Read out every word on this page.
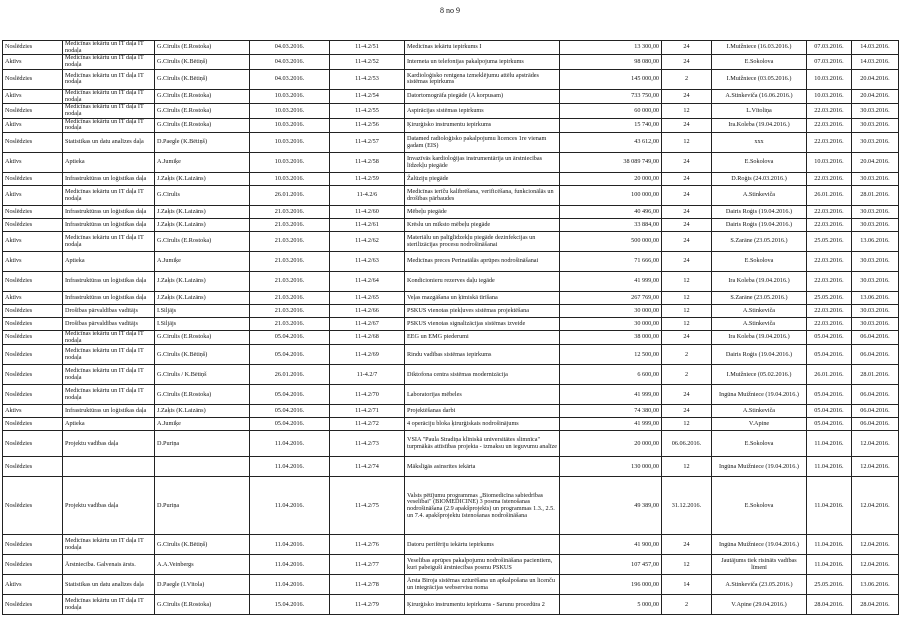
8 no 9
Noslēdzies	Medicīnas iekārtu un IT daļa IT nodaļa	G.Cīrulis (E.Rostoka)	04.03.2016.	11-4.2/51	Medicīnas iekārtu iepirkums I	13 300,00	24	I.Muižniece (16.03.2016.)	07.03.2016.	14.03.2016.
Aktīvs	Medicīnas iekārtu un IT daļa IT nodaļa	G.Cīrulis (K.Bētiņš)	04.03.2016.	11-4.2/52	Interneta un telefonijas pakalpojuma iepirkums	98 080,00	24	E.Sokolova	07.03.2016.	14.03.2016.
Noslēdzies	Medicīnas iekārtu un IT daļa IT nodaļa	G.Cīrulis (K.Bētiņš)	04.03.2016.	11-4.2/53	Kardioloģisko rentgena izmeklējumu attēlu apstrādes sistēmas iepirkums	145 000,00	2	I.Muižniece (03.05.2016.)	10.03.2016.	20.04.2016.
Aktīvs	Medicīnas iekārtu un IT daļa IT nodaļa	G.Cīrulis (E.Rostoka)	10.03.2016.	11-4.2/54	Datortomogrāfa piegāde (A korpusam)	733 750,00	24	A.Stinkeviča (16.06.2016.)	10.03.2016.	20.04.2016.
Noslēdzies	Medicīnas iekārtu un IT daļa IT nodaļa	G.Cīrulis (E.Rostoka)	10.03.2016.	11-4.2/55	Aspirācijas sistēmas iepirkums	60 000,00	12	L.Vītoliņa	22.03.2016.	30.03.2016.
Aktīvs	Medicīnas iekārtu un IT daļa IT nodaļa	G.Cīrulis (E.Rostoka)	10.03.2016.	11-4.2/56	Ķirurģisko instrumentu iepirkums	15 740,00	24	Ira.Koleba (19.04.2016.)	22.03.2016.	30.03.2016.
Noslēdzies	Statistikas un datu analīzes daļa	D.Paegle (K.Bētiņš)	10.03.2016.	11-4.2/57	Datamed radioloģisko pakalpojumu licences 1re vienam gadam (EIS)	43 612,00	12	xxx	22.03.2016.	30.03.2016.
Aktīvs	Aptieka	A.Jumiķe	10.03.2016.	11-4.2/58	Invazīvās kardioloģijas instrumentārija un ārstniecības līdzekļu piegāde	38 089 749,00	24	E.Sokolova	10.03.2016.	20.04.2016.
Noslēdzies	Infrastruktūras un loģistikas daļa	J.Zaķis (K.Laizāns)	10.03.2016.	11-4.2/59	Žalūziju piegāde	20 000,00	24	D.Roģis (24.03.2016.)	22.03.2016.	30.03.2016.
Aktīvs	Medicīnas iekārtu un IT daļa IT nodaļa	G.Cīrulis	26.01.2016.	11-4.2/6	Medicīnas ierīču kalibrēšana, verificēšana, funkcionālās un drošības pārbaudes	100 000,00	24	A.Stinkeviča	26.01.2016.	28.01.2016.
Noslēdzies	Infrastruktūras un loģistikas daļa	J.Zaķis (K.Laizāns)	21.03.2016.	11-4.2/60	Mēbeļu piegāde	40 496,00	24	Dairis Roģis (19.04.2016.)	22.03.2016.	30.03.2016.
Noslēdzies	Infrastruktūras un loģistikas daļa	J.Zaķis (K.Laizāns)	21.03.2016.	11-4.2/61	Krēslu un mīksto mēbeļu piegāde	33 884,00	24	Dairis Roģis (19.04.2016.)	22.03.2016.	30.03.2016.
Aktīvs	Medicīnas iekārtu un IT daļa IT nodaļa	G.Cīrulis (E.Rostoka)	21.03.2016.	11-4.2/62	Materiālu un palīglīdzekļu piegāde dezinfekcijas un sterilizācijas procesu nodrošināšanai	500 000,00	24	S.Zarāne (23.05.2016.)	25.05.2016.	13.06.2016.
Aktīvs	Aptieka	A.Jumiķe	21.03.2016.	11-4.2/63	Medicīnas preces Perinatālās aprūpes nodrošināšanai	71 666,00	24	E.Sokolova	22.03.2016.	30.03.2016.
Noslēdzies	Infrastruktūras un loģistikas daļa	J.Zaķis (K.Laizāns)	21.03.2016.	11-4.2/64	Kondicionieru rezerves daļu iegāde	41 999,00	12	Ira Koleba (19.04.2016.)	22.03.2016.	30.03.2016.
Aktīvs	Infrastruktūras un loģistikas daļa	J.Zaķis (K.Laizāns)	21.03.2016.	11-4.2/65	Veļas mazgāšana un ķīmiskā tīrīšana	267 769,00	12	S.Zarāne (23.05.2016.)	25.05.2016.	13.06.2016.
Noslēdzies	Drošības pārvaldības vadītājs	I.Siljājs	21.03.2016.	11-4.2/66	PSKUS vienotas piekļuves sistēmas projektēšana	30 000,00	12	A.Stinkeviča	22.03.2016.	30.03.2016.
Noslēdzies	Drošības pārvaldības vadītājs	I.Siljājs	21.03.2016.	11-4.2/67	PSKUS vienotas signalizācijas sistēmas izveide	30 000,00	12	A.Stinkeviča	22.03.2016.	30.03.2016.
Noslēdzies	Medicīnas iekārtu un IT daļa IT nodaļa	G.Cīrulis (E.Rostoka)	05.04.2016.	11-4.2/68	EEG un EMG piederumi	38 000,00	24	Ira Koleba (19.04.2016.)	05.04.2016.	06.04.2016.
Noslēdzies	Medicīnas iekārtu un IT daļa IT nodaļa	G.Cīrulis (K.Bētiņš)	05.04.2016.	11-4.2/69	Rindu vadības sistēmas iepirkums	12 500,00	2	Dairis Roģis (19.04.2016.)	05.04.2016.	06.04.2016.
Noslēdzies	Medicīnas iekārtu un IT daļa IT nodaļa	G.Cīrulis / K.Bētiņš	26.01.2016.	11-4.2/7	Diktofona centra sistēmas modernizācija	6 600,00	2	I.Muižniece (05.02.2016.)	26.01.2016.	28.01.2016.
Noslēdzies	Medicīnas iekārtu un IT daļa IT nodaļa	G.Cīrulis (E.Rostoka)	05.04.2016.	11-4.2/70	Laboratorijas mēbeles	41 999,00	24	Ingūna Muižniece (19.04.2016.)	05.04.2016.	06.04.2016.
Aktīvs	Infrastruktūras un loģistikas daļa	J.Zaķis (K.Laizāns)	05.04.2016.	11-4.2/71	Projektēšanas darbi	74 380,00	24	A.Stinkeviča	05.04.2016.	06.04.2016.
Noslēdzies	Aptieka	A.Jumiķe	05.04.2016.	11-4.2/72	4 operāciju bloka ķirurģiskais nodrošinājums	41 999,00	12	V.Apine	05.04.2016.	06.04.2016.
Noslēdzies	Projektu vadības daļa	D.Puriņa	11.04.2016.	11-4.2/73	VSIA "Paula Stradiņa klīniskā universitātes slimnīca" turpmākās attīstības projekta - izmaksu un ieguvumu analīze	20 000,00	06.06.2016.	E.Sokolova	11.04.2016.	12.04.2016.
Noslēdzies			11.04.2016.	11-4.2/74	Mākslīgās asinsrites iekārta	130 000,00	12	Ingūna Muižniece (19.04.2016.)	11.04.2016.	12.04.2016.
Noslēdzies	Projektu vadības daļa	D.Puriņa	11.04.2016.	11-4.2/75	Valsts pētījumu programmas „Biomedicīna sabiedrības veselībai" (BIOMEDICINE) 3 posma īstenošanas nodrošināšana (2.9 apakšprojekts) un programmas 1.3., 2.5. un 7.4. apakšprojektu īstenošanas nodrošināšana	49 389,00	31.12.2016.	E.Sokolova	11.04.2016.	12.04.2016.
Noslēdzies	Medicīnas iekārtu un IT daļa IT nodaļa	G.Cīrulis (K.Bētiņš)	11.04.2016.	11-4.2/76	Datoru perifēriju iekārtu iepirkums	41 900,00	24	Ingūna Muižniece (19.04.2016.)	11.04.2016.	12.04.2016.
Noslēdzies	Ārstniecība. Galvenais ārsts.	A.A.Veinbergs	11.04.2016.	11-4.2/77	Veselības aprūpes pakalpojumu nodrošināšana pacientiem, kuri pabeiguši ārstniecības posmu PSKUS	107 457,00	12	Jautājums tiek risināts vadības līmenī	11.04.2016.	12.04.2016.
Aktīvs	Statistikas un datu analīzes daļa	D.Paegle (I.Vītola)	11.04.2016.	11-4.2/78	Ārsta Biroja sistēmas uzturēšana un apkalpošana un licenču un integrācijas webservisu noma	196 000,00	14	A.Stinkeviča (23.05.2016.)	25.05.2016.	13.06.2016.
Noslēdzies	Medicīnas iekārtu un IT daļa IT nodaļa	G.Cīrulis (E.Rostoka)	15.04.2016.	11-4.2/79	Ķirurģisko instrumentu iepirkums - Sarunu procedūra 2	5 000,00	2	V.Apine (29.04.2016.)	28.04.2016.	28.04.2016.
